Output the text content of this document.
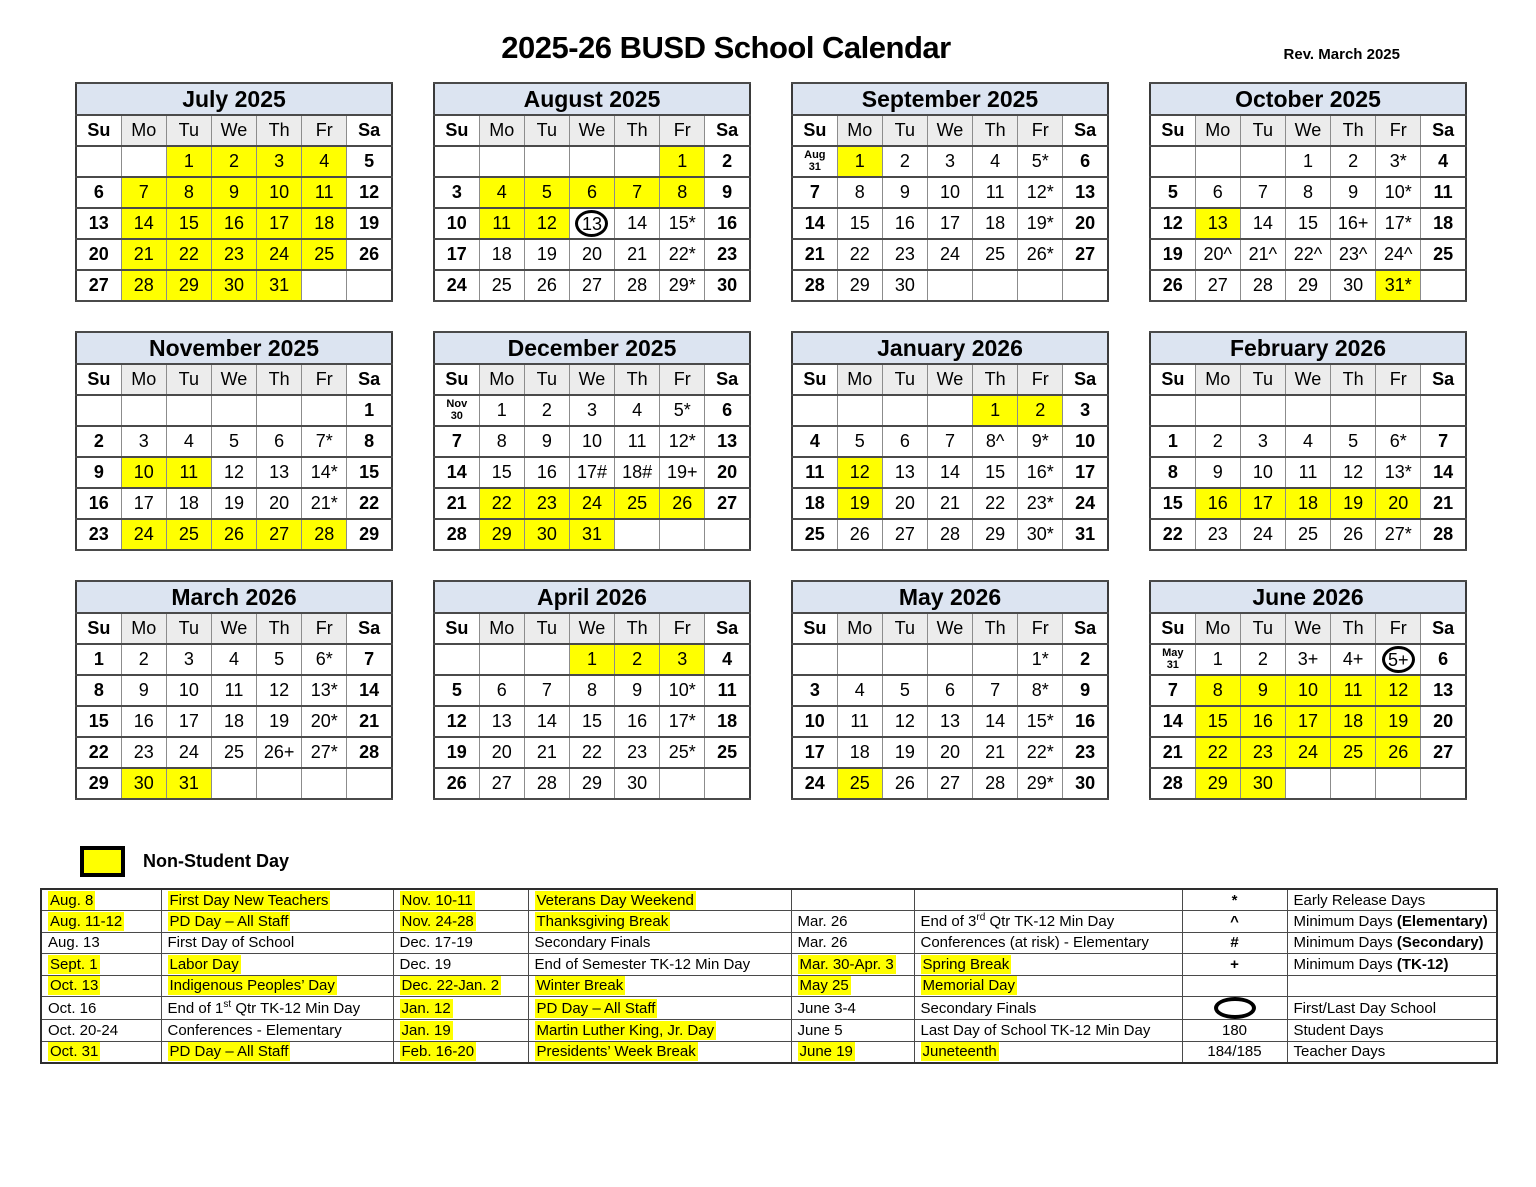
2025-26 BUSD School Calendar	Rev. March 2025
July 2025						
Su	Mo	Tu	We	Th	Fr	Sa
		1	2	3	4	5
6	7	8	9	10	11	12
13	14	15	16	17	18	19
20	21	22	23	24	25	26
27	28	29	30	31		
August 2025						
Su	Mo	Tu	We	Th	Fr	Sa
					1	2
3	4	5	6	7	8	9
10	11	12	13	14	15*	16
17	18	19	20	21	22*	23
24	25	26	27	28	29*	30
September 2025						
Su	Mo	Tu	We	Th	Fr	Sa
Aug
31	1	2	3	4	5*	6
7	8	9	10	11	12*	13
14	15	16	17	18	19*	20
21	22	23	24	25	26*	27
28	29	30				
October 2025						
Su	Mo	Tu	We	Th	Fr	Sa
			1	2	3*	4
5	6	7	8	9	10*	11
12	13	14	15	16+	17*	18
19	20^	21^	22^	23^	24^	25
26	27	28	29	30	31*	
November 2025						
Su	Mo	Tu	We	Th	Fr	Sa
						1
2	3	4	5	6	7*	8
9	10	11	12	13	14*	15
16	17	18	19	20	21*	22
23	24	25	26	27	28	29
December 2025						
Su	Mo	Tu	We	Th	Fr	Sa
Nov
30	1	2	3	4	5*	6
7	8	9	10	11	12*	13
14	15	16	17#	18#	19+	20
21	22	23	24	25	26	27
28	29	30	31			
January 2026						
Su	Mo	Tu	We	Th	Fr	Sa
				1	2	3
4	5	6	7	8^	9*	10
11	12	13	14	15	16*	17
18	19	20	21	22	23*	24
25	26	27	28	29	30*	31
February 2026						
Su	Mo	Tu	We	Th	Fr	Sa

1	2	3	4	5	6*	7
8	9	10	11	12	13*	14
15	16	17	18	19	20	21
22	23	24	25	26	27*	28
March 2026						
Su	Mo	Tu	We	Th	Fr	Sa
1	2	3	4	5	6*	7
8	9	10	11	12	13*	14
15	16	17	18	19	20*	21
22	23	24	25	26+	27*	28
29	30	31				
April 2026						
Su	Mo	Tu	We	Th	Fr	Sa
			1	2	3	4
5	6	7	8	9	10*	11
12	13	14	15	16	17*	18
19	20	21	22	23	25*	25
26	27	28	29	30		
May 2026						
Su	Mo	Tu	We	Th	Fr	Sa
					1*	2
3	4	5	6	7	8*	9
10	11	12	13	14	15*	16
17	18	19	20	21	22*	23
24	25	26	27	28	29*	30
June 2026						
Su	Mo	Tu	We	Th	Fr	Sa
May
31	1	2	3+	4+	5+	6
7	8	9	10	11	12	13
14	15	16	17	18	19	20
21	22	23	24	25	26	27
28	29	30				
Non-Student Day
Aug. 8	First Day New Teachers	Nov. 10-11	Veterans Day Weekend			*	Early Release Days
Aug. 11-12	PD Day – All Staff	Nov. 24-28	Thanksgiving Break	Mar. 26	End of 3rd Qtr TK-12 Min Day	^	Minimum Days (Elementary)
Aug. 13	First Day of School	Dec. 17-19	Secondary Finals	Mar. 26	Conferences (at risk) - Elementary	#	Minimum Days (Secondary)
Sept. 1	Labor Day	Dec. 19	End of Semester TK-12 Min Day	Mar. 30-Apr. 3	Spring Break	+	Minimum Days (TK-12)
Oct. 13	Indigenous Peoples’ Day	Dec. 22-Jan. 2	Winter Break	May 25	Memorial Day		
Oct. 16	End of 1st Qtr TK-12 Min Day	Jan. 12	PD Day – All Staff	June 3-4	Secondary Finals		First/Last Day School
Oct. 20-24	Conferences - Elementary	Jan. 19	Martin Luther King, Jr. Day	June 5	Last Day of School TK-12 Min Day	180	Student Days
Oct. 31	PD Day – All Staff	Feb. 16-20	Presidents’ Week Break	June 19	Juneteenth	184/185	Teacher Days
